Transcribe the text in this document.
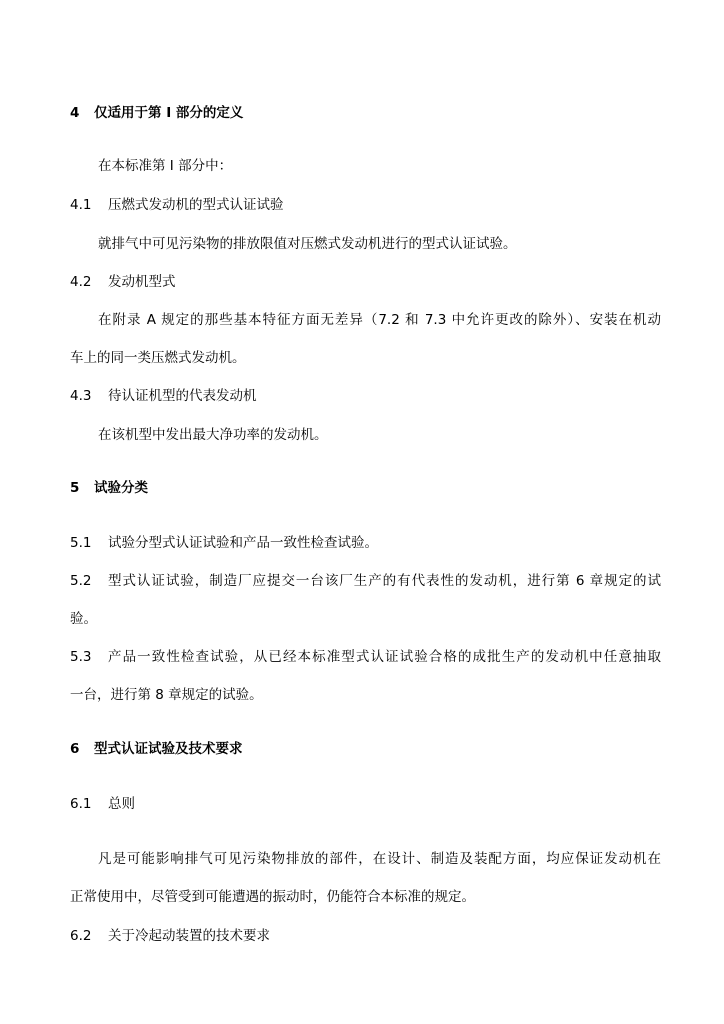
4 仅适用于第 I 部分的定义
在本标准第 I 部分中：
4.1 压燃式发动机的型式认证试验
就排气中可见污染物的排放限值对压燃式发动机进行的型式认证试验。
4.2 发动机型式
在附录 A 规定的那些基本特征方面无差异（7.2 和 7.3 中允许更改的除外）、安装在机动
车上的同一类压燃式发动机。
4.3 待认证机型的代表发动机
在该机型中发出最大净功率的发动机。
5 试验分类
5.1 试验分型式认证试验和产品一致性检查试验。
5.2 型式认证试验，制造厂应提交一台该厂生产的有代表性的发动机，进行第 6 章规定的试
验。
5.3 产品一致性检查试验，从已经本标准型式认证试验合格的成批生产的发动机中任意抽取
一台，进行第 8 章规定的试验。
6 型式认证试验及技术要求
6.1 总则
凡是可能影响排气可见污染物排放的部件，在设计、制造及装配方面，均应保证发动机在
正常使用中，尽管受到可能遭遇的振动时，仍能符合本标准的规定。
6.2 关于冷起动装置的技术要求
